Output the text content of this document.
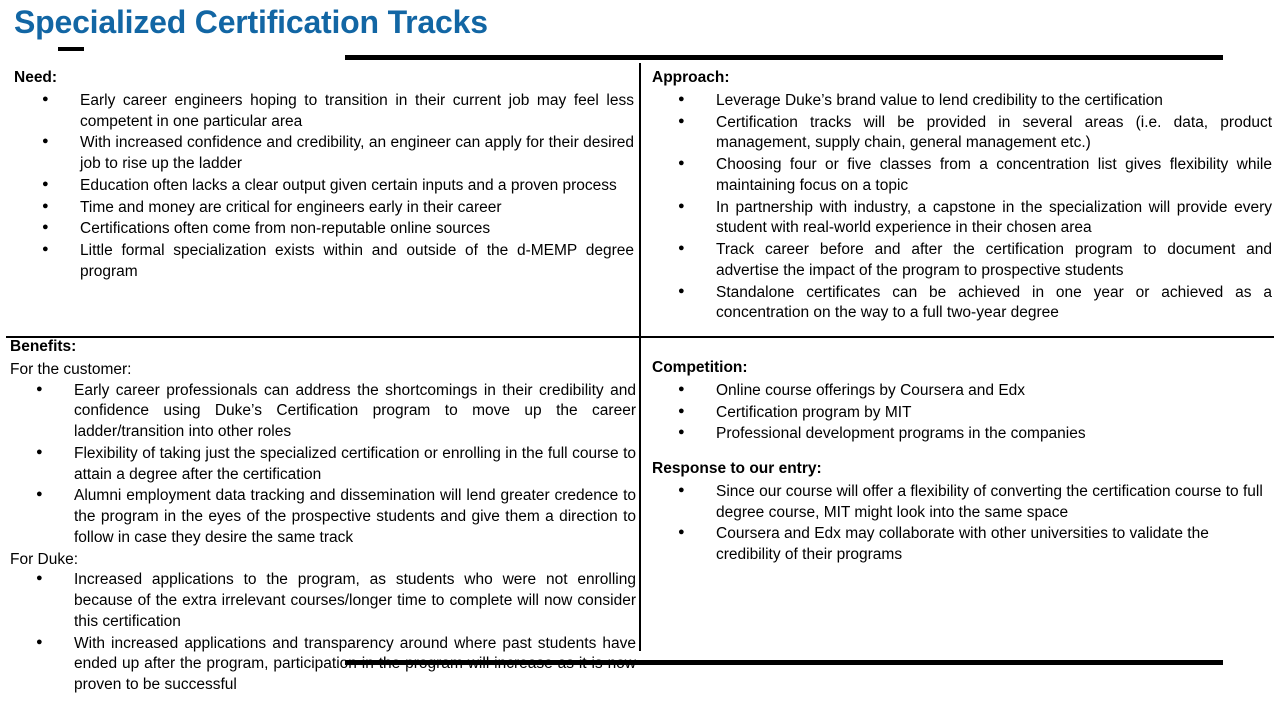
Specialized Certification Tracks

Need:

● Early career engineers hoping to transition in their current job may feel less competent in one particular area
● With increased confidence and credibility, an engineer can apply for their desired job to rise up the ladder
● Education often lacks a clear output given certain inputs and a proven process
● Time and money are critical for engineers early in their career
● Certifications often come from non-reputable online sources
● Little formal specialization exists within and outside of the d-MEMP degree program

Approach:

● Leverage Duke’s brand value to lend credibility to the certification
● Certification tracks will be provided in several areas (i.e. data, product management, supply chain, general management etc.)
● Choosing four or five classes from a concentration list gives flexibility while maintaining focus on a topic
● In partnership with industry, a capstone in the specialization will provide every student with real-world experience in their chosen area
● Track career before and after the certification program to document and advertise the impact of the program to prospective students
● Standalone certificates can be achieved in one year or achieved as a concentration on the way to a full two-year degree

Benefits:

For the customer:

● Early career professionals can address the shortcomings in their credibility and confidence using Duke’s Certification program to move up the career ladder/transition into other roles
● Flexibility of taking just the specialized certification or enrolling in the full course to attain a degree after the certification
● Alumni employment data tracking and dissemination will lend greater credence to the program in the eyes of the prospective students and give them a direction to follow in case they desire the same track

For Duke:

● Increased applications to the program, as students who were not enrolling because of the extra irrelevant courses/longer time to complete will now consider this certification
● With increased applications and transparency around where past students have ended up after the program, participation in the program will increase as it is now proven to be successful

Competition:

● Online course offerings by Coursera and Edx
● Certification program by MIT
● Professional development programs in the companies

Response to our entry:

● Since our course will offer a flexibility of converting the certification course to full degree course, MIT might look into the same space
● Coursera and Edx may collaborate with other universities to validate the credibility of their programs
